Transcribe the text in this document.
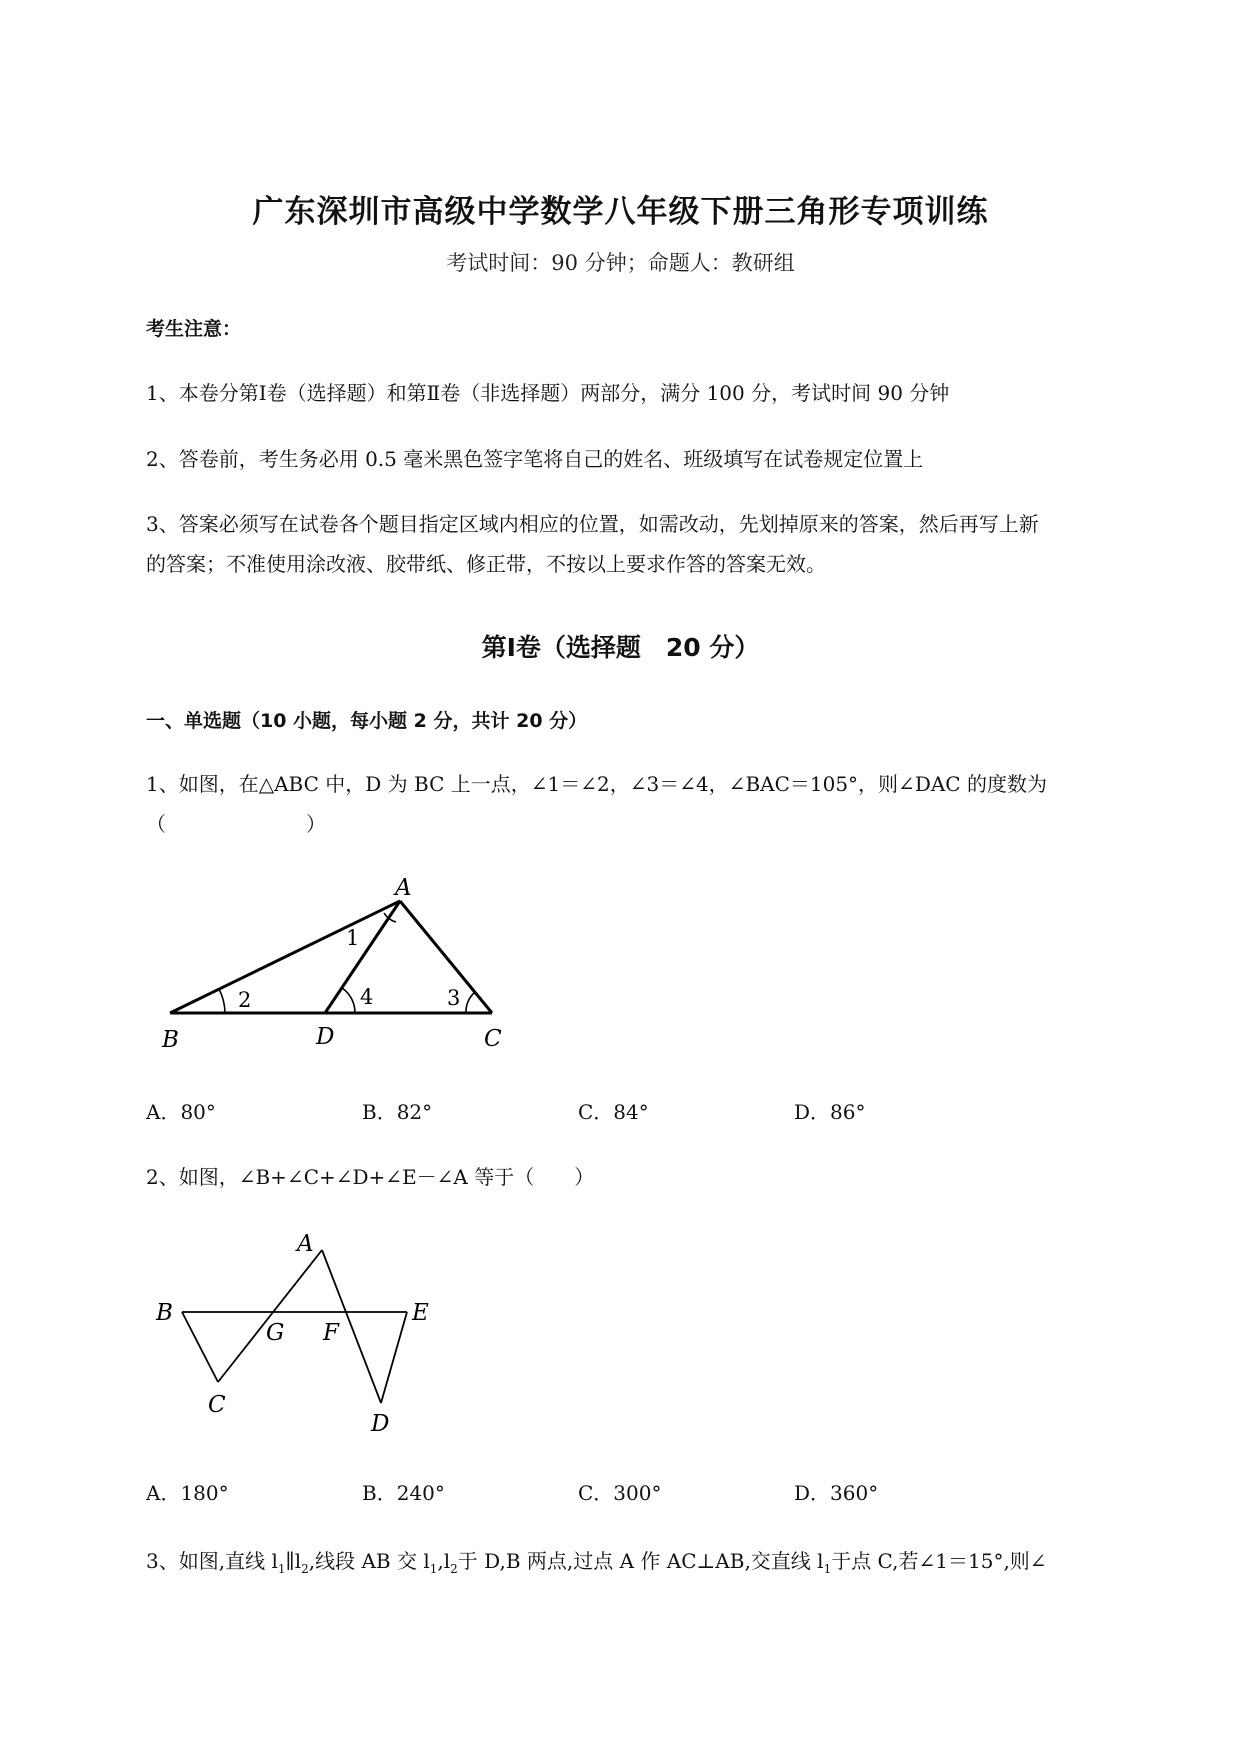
广东深圳市高级中学数学八年级下册三角形专项训练
考试时间：90 分钟；命题人：教研组
考生注意：
1、本卷分第Ⅰ卷（选择题）和第Ⅱ卷（非选择题）两部分，满分 100 分，考试时间 90 分钟
2、答卷前，考生务必用 0.5 毫米黑色签字笔将自己的姓名、班级填写在试卷规定位置上
3、答案必须写在试卷各个题目指定区域内相应的位置，如需改动，先划掉原来的答案，然后再写上新
的答案；不准使用涂改液、胶带纸、修正带，不按以上要求作答的答案无效。
第Ⅰ卷（选择题　20 分）
一、单选题（10 小题，每小题 2 分，共计 20 分）
1、如图，在△ABC 中，D 为 BC 上一点，∠1＝∠2，∠3＝∠4，∠BAC＝105°，则∠DAC 的度数为
（　　　　　　　）
A
B	D	C
1
2	3
4
A．80°	B．82°	C．84°	D．86°
2、如图，∠B+∠C+∠D+∠E－∠A 等于（　　）
A
B
G F
E
C
D
A．180°	B．240°	C．300°	D．360°
3、如图,直线 $l_1\parallel l_2$,线段 AB 交 $l_1,l_2$于 D,B 两点,过点 A 作 AC⊥AB,交直线 $l_1$于点 C,若∠1＝15°,则∠
